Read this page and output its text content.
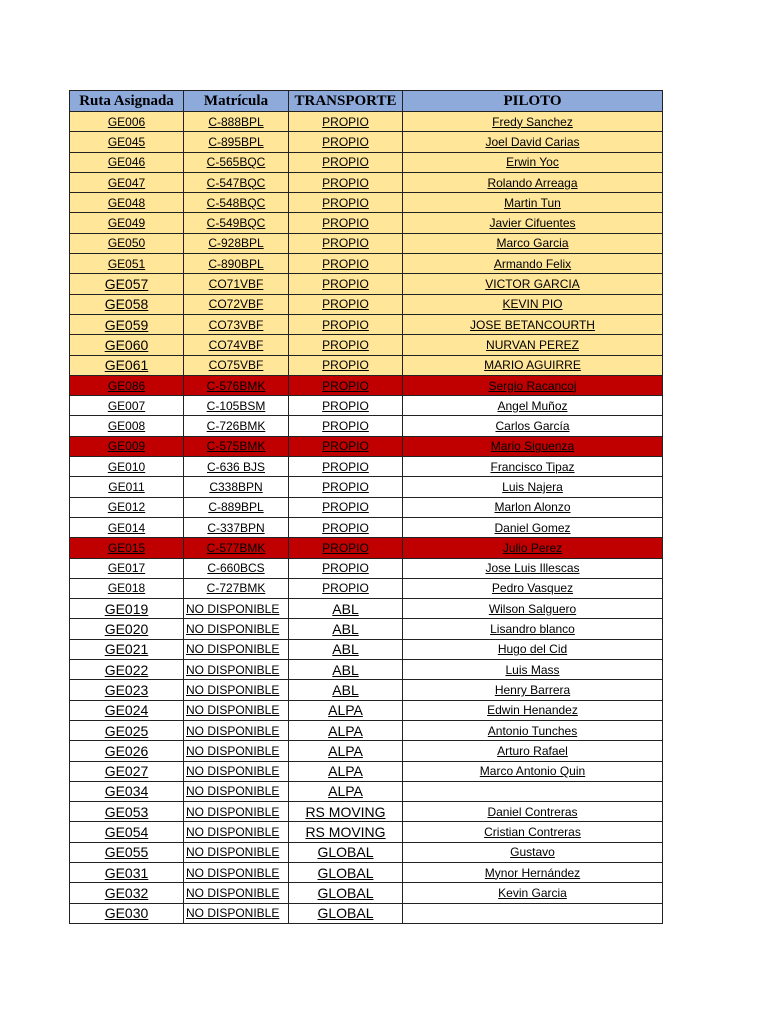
Ruta Asignada	Matrícula	TRANSPORTE	PILOTO
GE006	C-888BPL	PROPIO	Fredy Sanchez
GE045	C-895BPL	PROPIO	Joel David Carias
GE046	C-565BQC	PROPIO	Erwin Yoc
GE047	C-547BQC	PROPIO	Rolando Arreaga
GE048	C-548BQC	PROPIO	Martin Tun
GE049	C-549BQC	PROPIO	Javier Cifuentes
GE050	C-928BPL	PROPIO	Marco Garcia
GE051	C-890BPL	PROPIO	Armando Felix
GE057	CO71VBF	PROPIO	VICTOR GARCIA
GE058	CO72VBF	PROPIO	KEVIN PIO
GE059	CO73VBF	PROPIO	JOSE BETANCOURTH
GE060	CO74VBF	PROPIO	NURVAN PEREZ
GE061	CO75VBF	PROPIO	MARIO AGUIRRE
GE086	C-576BMK	PROPIO	Sergio Racancoj
GE007	C-105BSM	PROPIO	Angel Muñoz
GE008	C-726BMK	PROPIO	Carlos García
GE009	C-575BMK	PROPIO	Mario Siguenza
GE010	C-636 BJS	PROPIO	Francisco Tipaz
GE011	C338BPN	PROPIO	Luis Najera
GE012	C-889BPL	PROPIO	Marlon Alonzo
GE014	C-337BPN	PROPIO	Daniel Gomez
GE015	C-577BMK	PROPIO	Julio Perez
GE017	C-660BCS	PROPIO	Jose Luis Illescas
GE018	C-727BMK	PROPIO	Pedro Vasquez
GE019	NO DISPONIBLE	ABL	Wilson Salguero
GE020	NO DISPONIBLE	ABL	Lisandro blanco
GE021	NO DISPONIBLE	ABL	Hugo del Cid
GE022	NO DISPONIBLE	ABL	Luis Mass
GE023	NO DISPONIBLE	ABL	Henry Barrera
GE024	NO DISPONIBLE	ALPA	Edwin Henandez
GE025	NO DISPONIBLE	ALPA	Antonio Tunches
GE026	NO DISPONIBLE	ALPA	Arturo Rafael
GE027	NO DISPONIBLE	ALPA	Marco Antonio Quin
GE034	NO DISPONIBLE	ALPA	
GE053	NO DISPONIBLE	RS MOVING	Daniel Contreras
GE054	NO DISPONIBLE	RS MOVING	Cristian Contreras
GE055	NO DISPONIBLE	GLOBAL	Gustavo
GE031	NO DISPONIBLE	GLOBAL	Mynor Hernández
GE032	NO DISPONIBLE	GLOBAL	Kevin Garcia
GE030	NO DISPONIBLE	GLOBAL	
